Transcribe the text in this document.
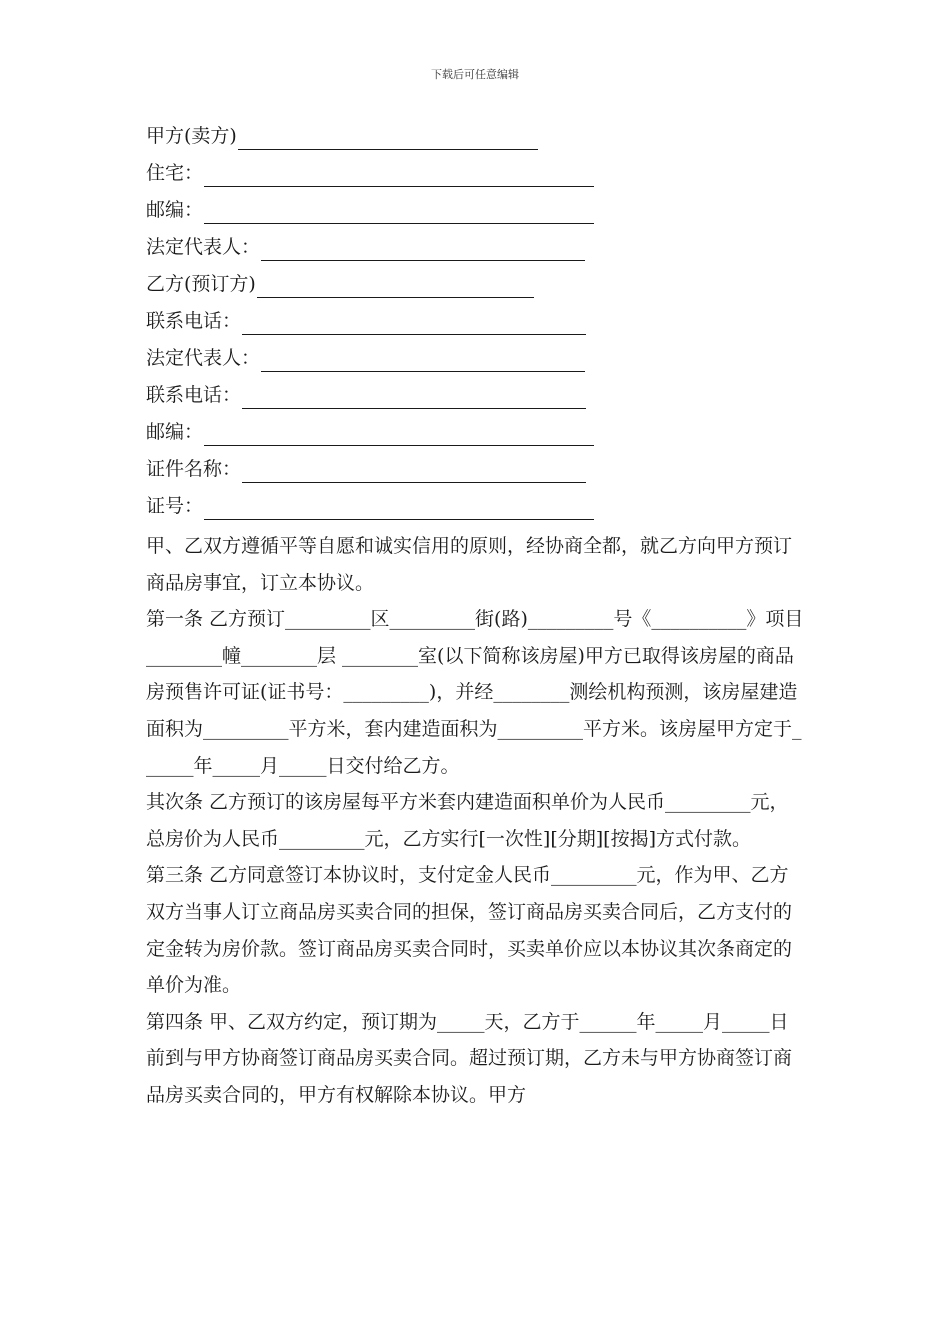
下载后可任意编辑
甲方(卖方)
住宅：
邮编：
法定代表人：
乙方(预订方)
联系电话：
法定代表人：
联系电话：
邮编：
证件名称：
证号：

甲、乙双方遵循平等自愿和诚实信用的原则，经协商全都，就乙方向甲方预订商品房事宜，订立本协议。

第一条 乙方预订_________区_________街(路)_________号《__________》项目________幢________层 ________室(以下简称该房屋)甲方已取得该房屋的商品房预售许可证(证书号：_________)，并经________测绘机构预测，该房屋建造面积为_________平方米，套内建造面积为_________平方米。该房屋甲方定于______年_____月_____日交付给乙方。

其次条 乙方预订的该房屋每平方米套内建造面积单价为人民币_________元，总房价为人民币_________元，乙方实行[一次性][分期][按揭]方式付款。

第三条 乙方同意签订本协议时，支付定金人民币_________元，作为甲、乙方双方当事人订立商品房买卖合同的担保，签订商品房买卖合同后，乙方支付的定金转为房价款。签订商品房买卖合同时，买卖单价应以本协议其次条商定的单价为准。

第四条 甲、乙双方约定，预订期为_____天，乙方于______年_____月_____日前到与甲方协商签订商品房买卖合同。超过预订期，乙方未与甲方协商签订商品房买卖合同的，甲方有权解除本协议。甲方
